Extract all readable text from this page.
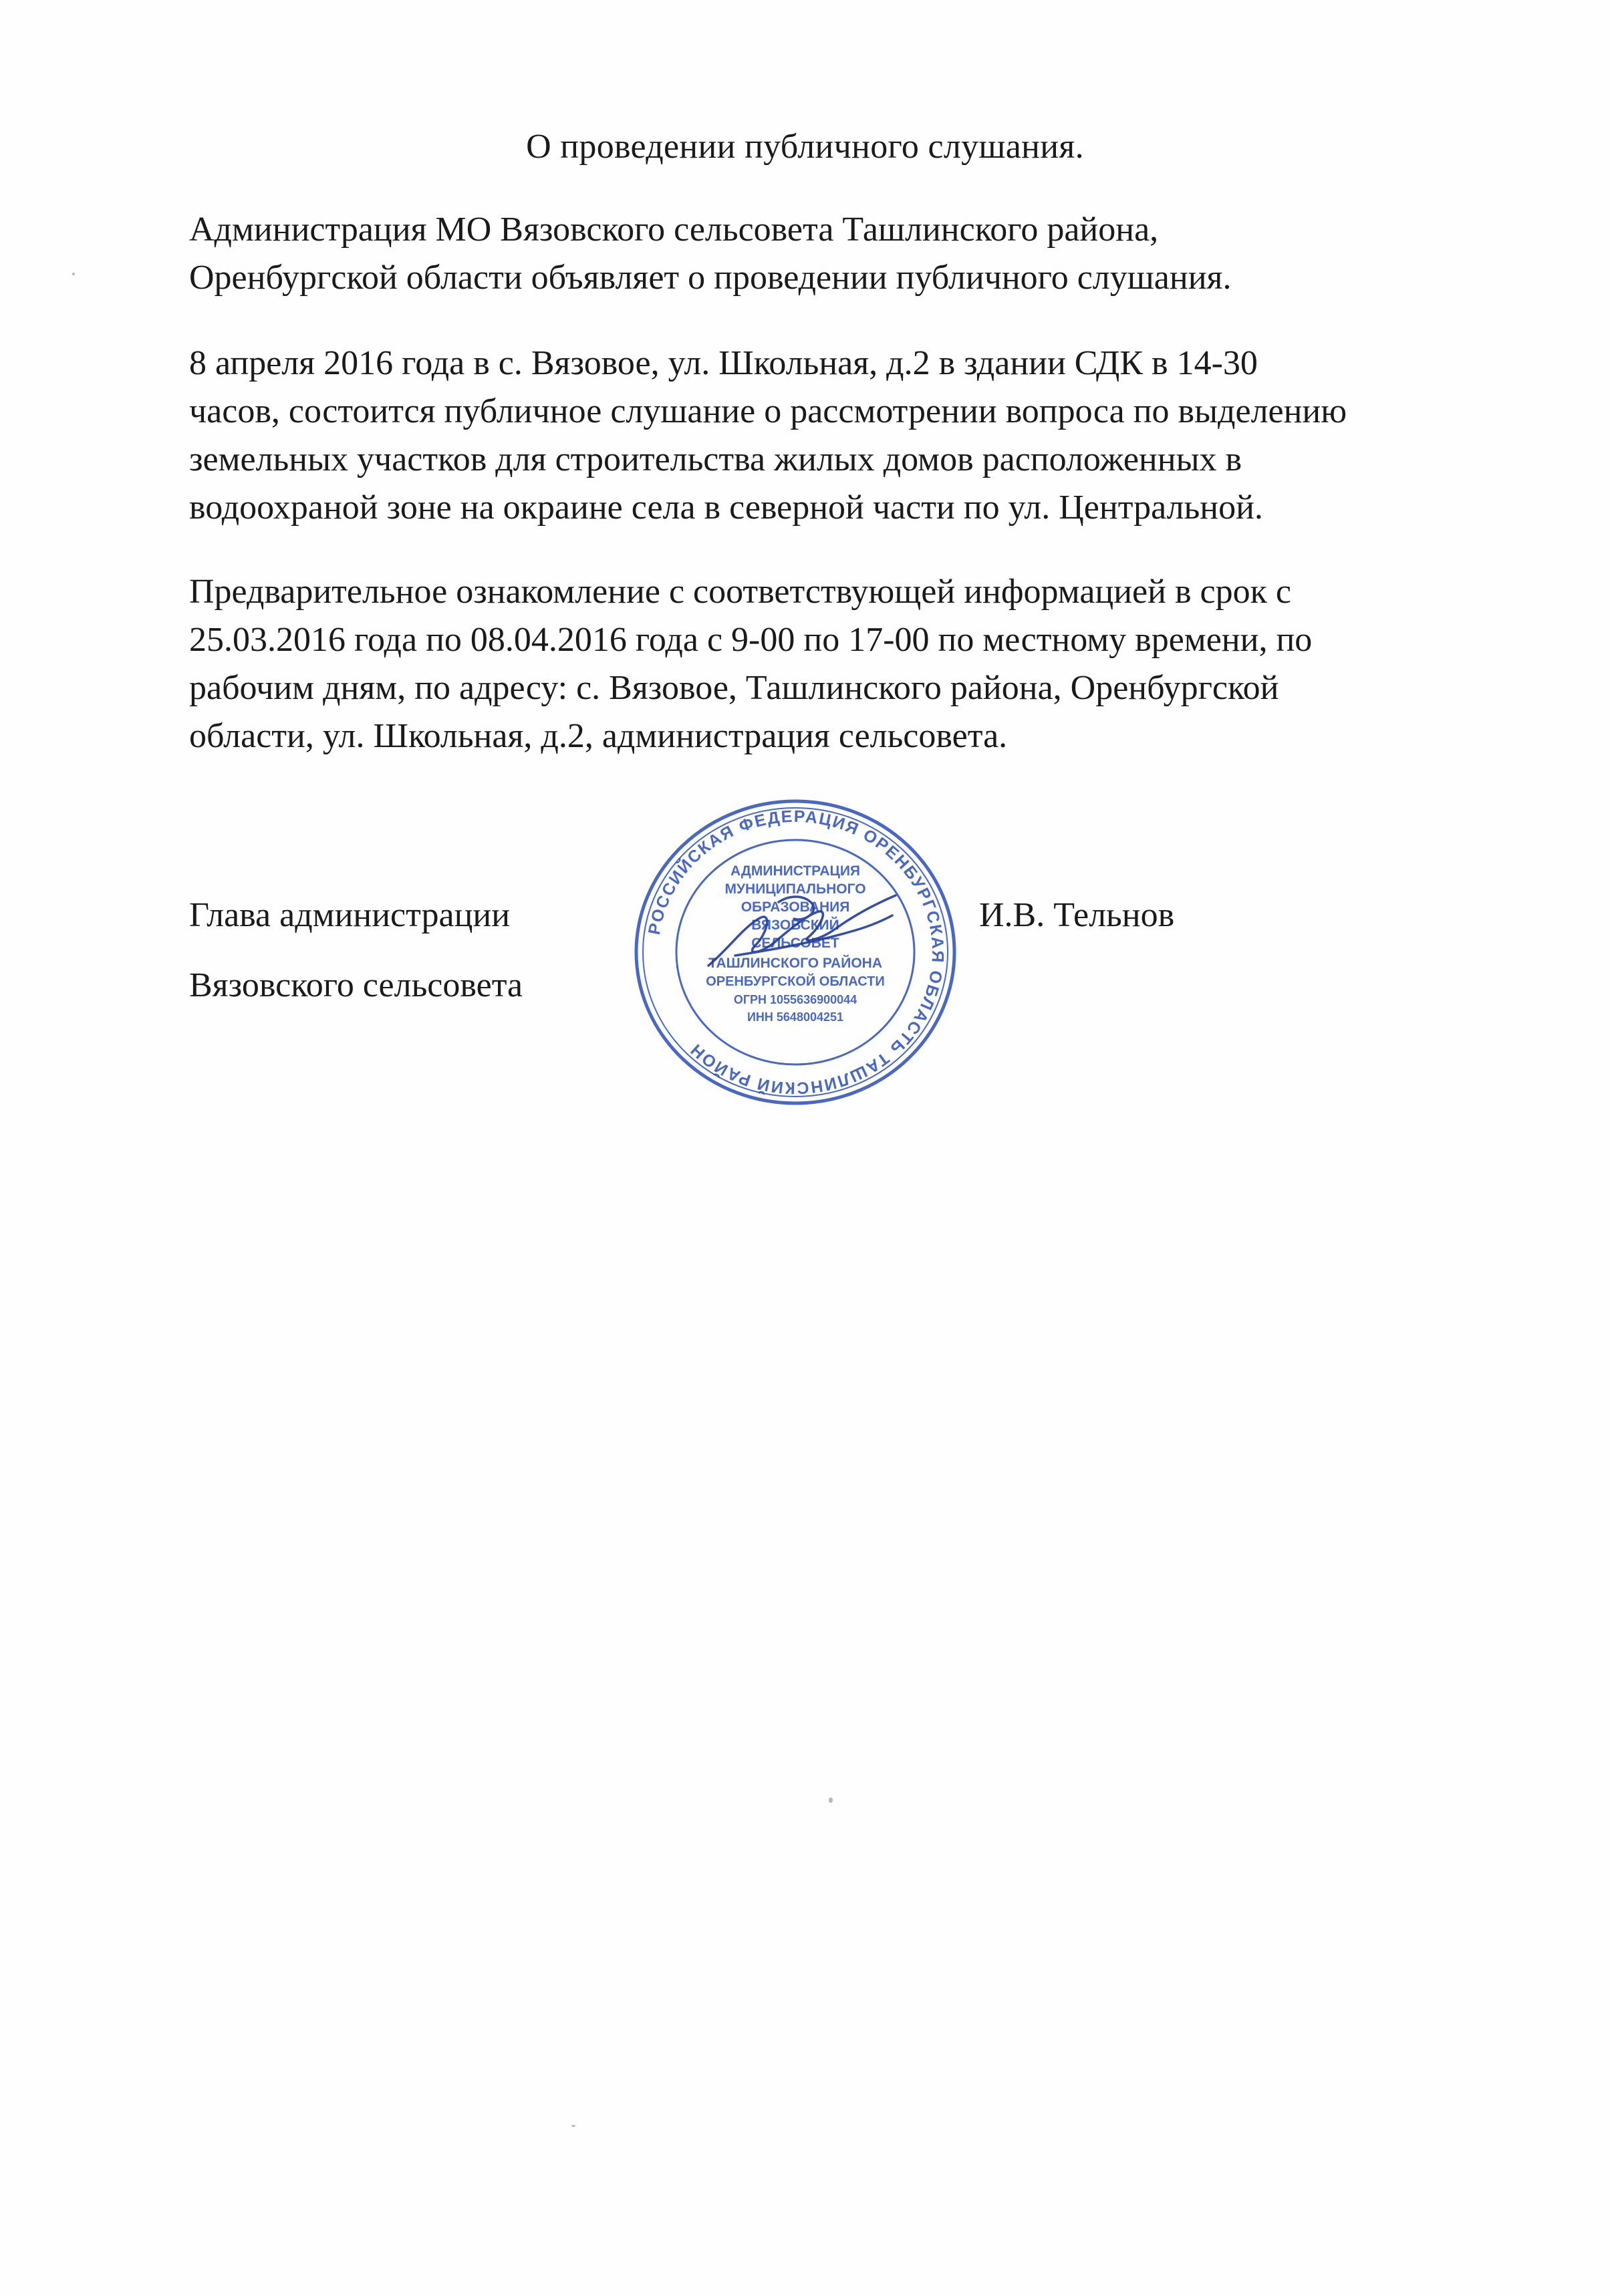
О проведении публичного слушания.

Администрация МО Вязовского сельсовета Ташлинского района,
Оренбургской области объявляет о проведении публичного слушания.

8 апреля 2016 года в с. Вязовое, ул. Школьная, д.2 в здании СДК в 14-30
часов, состоится публичное слушание о рассмотрении вопроса по выделению
земельных участков для строительства жилых домов расположенных в
водоохраной зоне на окраине села в северной части по ул. Центральной.

Предварительное ознакомление с соответствующей информацией в срок с
25.03.2016 года по 08.04.2016 года с 9-00 по 17-00 по местному времени, по
рабочим дням, по адресу: с. Вязовое, Ташлинского района, Оренбургской
области, ул. Школьная, д.2, администрация сельсовета.

Глава администрации
Вязовского сельсовета
И.В. Тельнов
РОССИЙСКАЯ ФЕДЕРАЦИЯ ОРЕНБУРГСКАЯ ОБЛАСТЬ ТАШЛИНСКИЙ РАЙОН
АДМИНИСТРАЦИЯ
МУНИЦИПАЛЬНОГО
ОБРАЗОВАНИЯ
ВЯЗОВСКИЙ
СЕЛЬСОВЕТ
ТАШЛИНСКОГО РАЙОНА
ОРЕНБУРГСКОЙ ОБЛАСТИ
ОГРН 1055636900044
ИНН 5648004251
